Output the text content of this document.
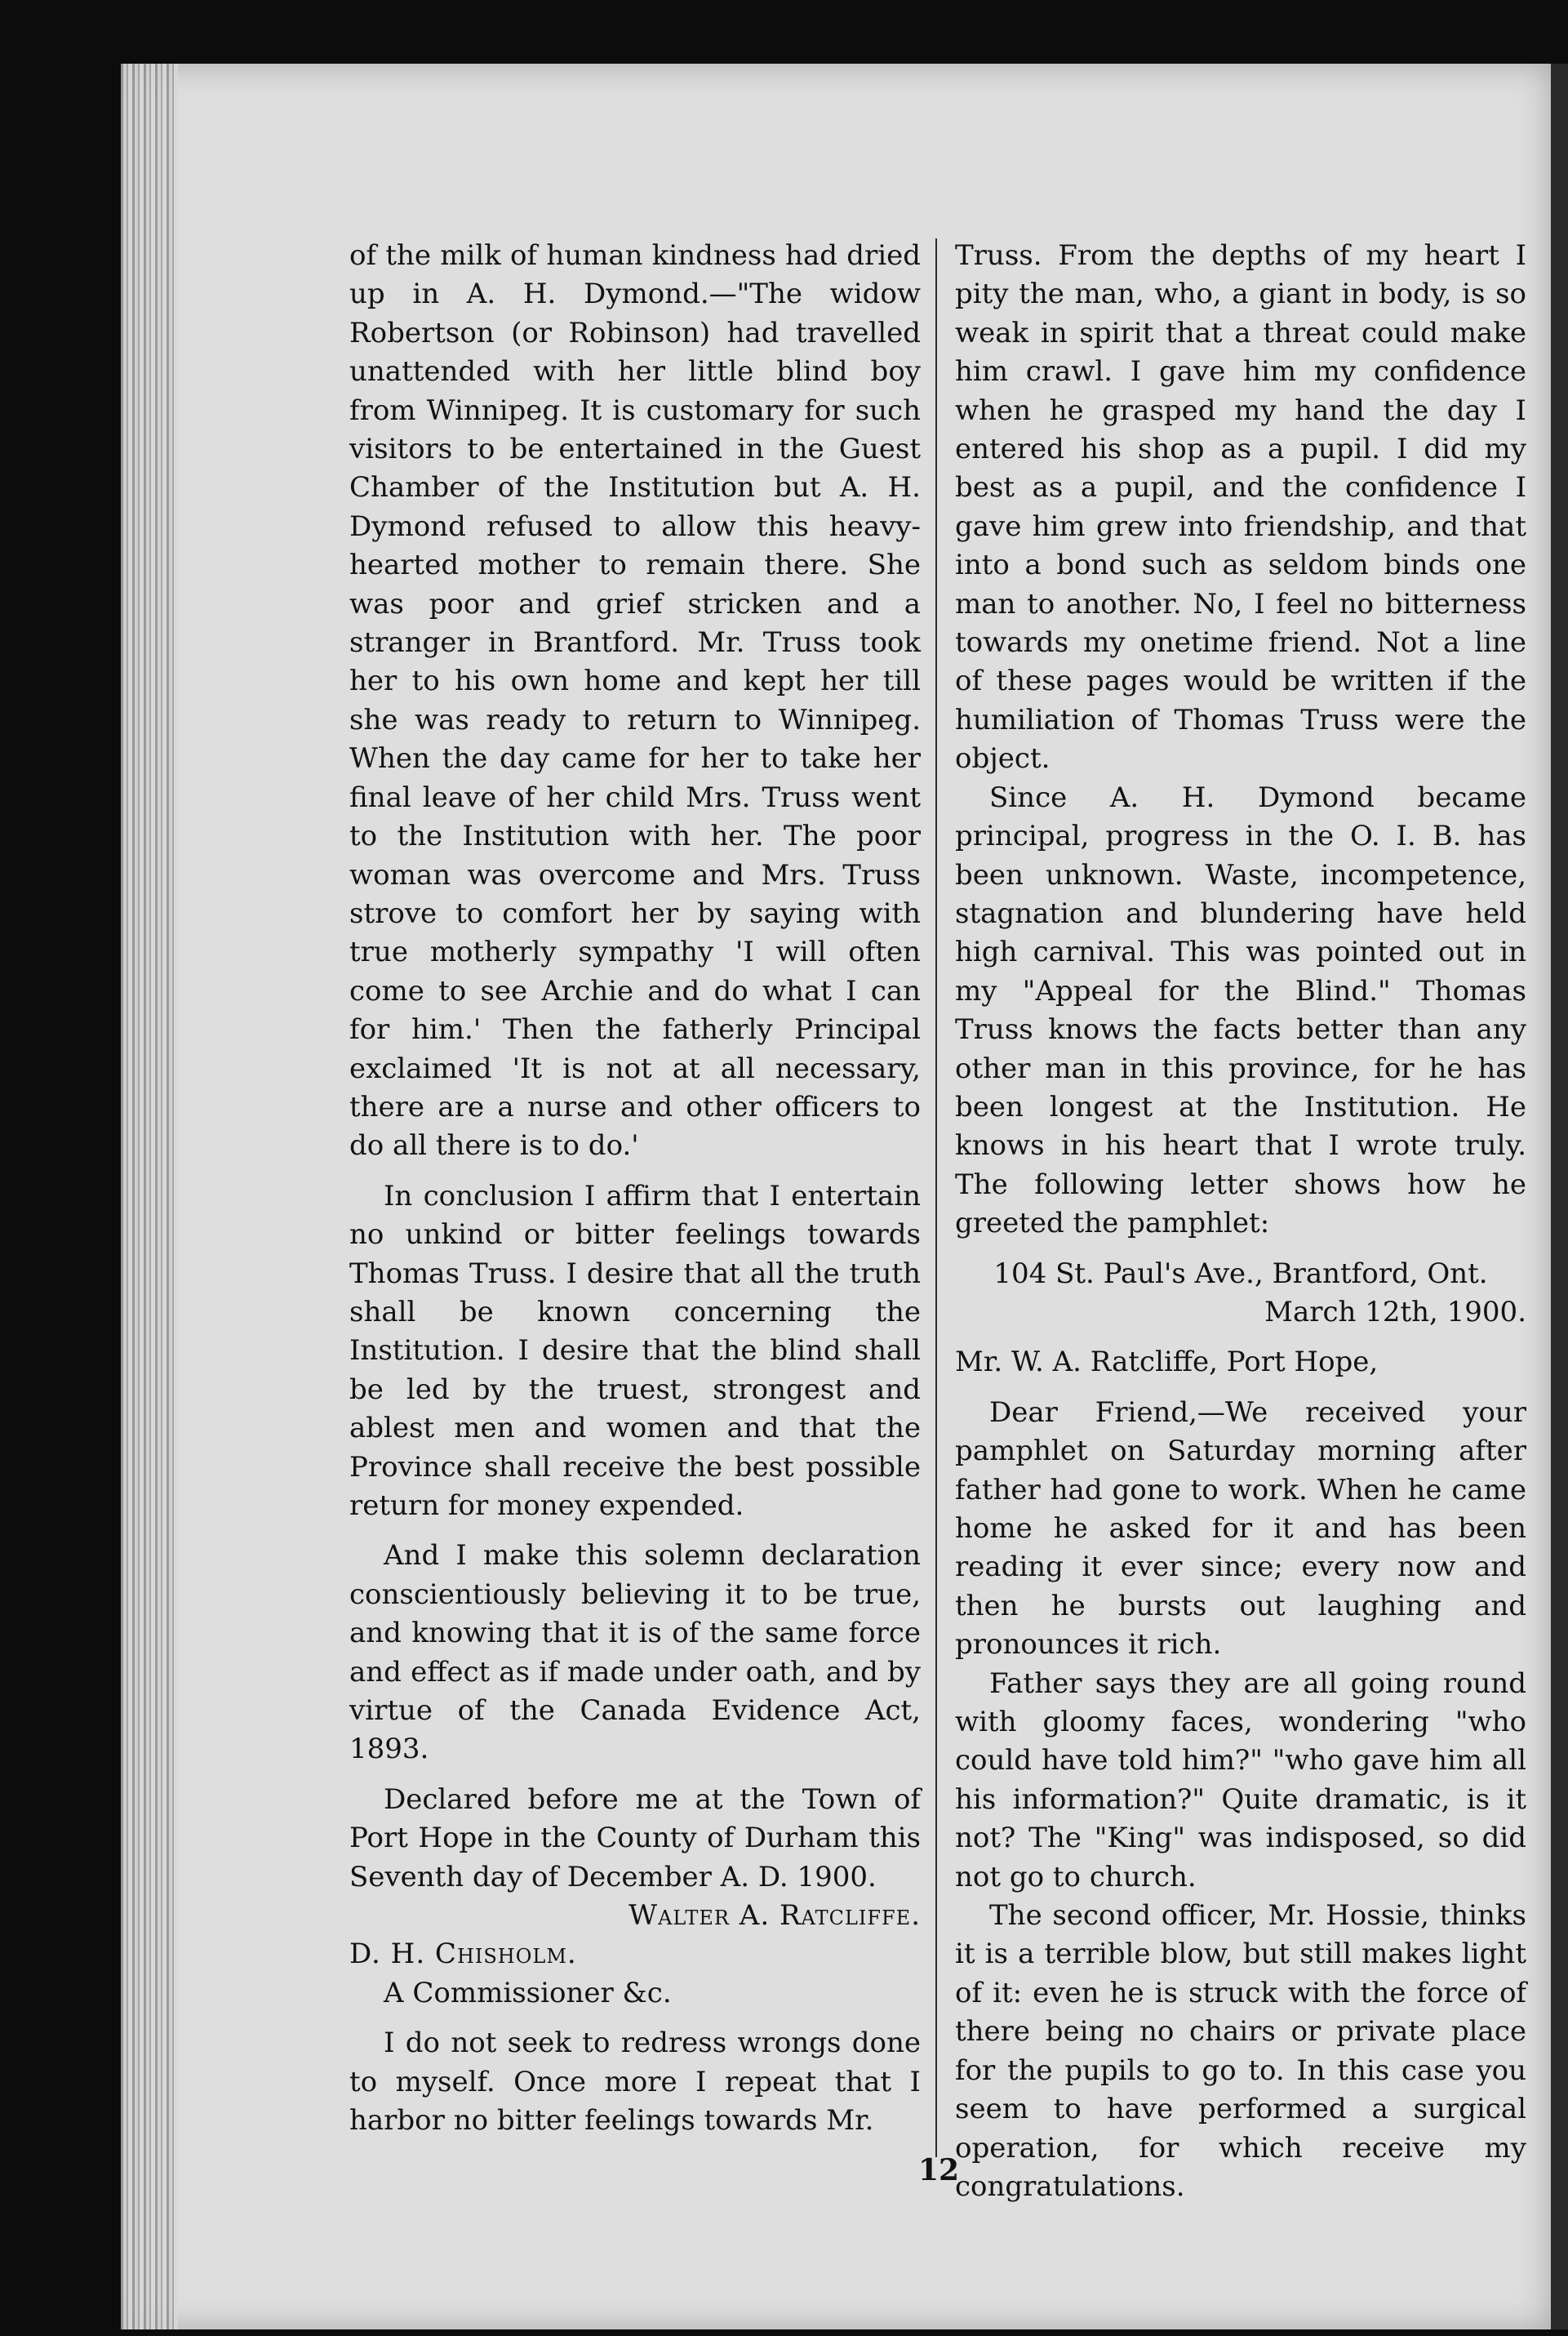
of the milk of human kindness had dried up in A. H. Dymond.—"The widow Robertson (or Robinson) had travelled unattended with her little blind boy from Winnipeg. It is customary for such visitors to be entertained in the Guest Chamber of the Institution but A. H. Dymond refused to allow this heavy-hearted mother to remain there. She was poor and grief stricken and a stranger in Brantford. Mr. Truss took her to his own home and kept her till she was ready to return to Winnipeg. When the day came for her to take her final leave of her child Mrs. Truss went to the Institution with her. The poor woman was overcome and Mrs. Truss strove to comfort her by saying with true motherly sympathy 'I will often come to see Archie and do what I can for him.' Then the fatherly Principal exclaimed 'It is not at all necessary, there are a nurse and other officers to do all there is to do.'

In conclusion I affirm that I entertain no unkind or bitter feelings towards Thomas Truss. I desire that all the truth shall be known concerning the Institution. I desire that the blind shall be led by the truest, strongest and ablest men and women and that the Province shall receive the best possible return for money expended.

And I make this solemn declaration conscientiously believing it to be true, and knowing that it is of the same force and effect as if made under oath, and by virtue of the Canada Evidence Act, 1893.

Declared before me at the Town of Port Hope in the County of Durham this Seventh day of December A. D. 1900.

Walter A. Ratcliffe.

D. H. Chisholm.

A Commissioner &c.

I do not seek to redress wrongs done to myself. Once more I repeat that I harbor no bitter feelings towards Mr.

Truss. From the depths of my heart I pity the man, who, a giant in body, is so weak in spirit that a threat could make him crawl. I gave him my confidence when he grasped my hand the day I entered his shop as a pupil. I did my best as a pupil, and the confidence I gave him grew into friendship, and that into a bond such as seldom binds one man to another. No, I feel no bitterness towards my onetime friend. Not a line of these pages would be written if the humiliation of Thomas Truss were the object.

Since A. H. Dymond became principal, progress in the O. I. B. has been unknown. Waste, incompetence, stagnation and blundering have held high carnival. This was pointed out in my "Appeal for the Blind." Thomas Truss knows the facts better than any other man in this province, for he has been longest at the Institution. He knows in his heart that I wrote truly. The following letter shows how he greeted the pamphlet:

104 St. Paul's Ave., Brantford, Ont.

March 12th, 1900.

Mr. W. A. Ratcliffe, Port Hope,

Dear Friend,—We received your pamphlet on Saturday morning after father had gone to work. When he came home he asked for it and has been reading it ever since; every now and then he bursts out laughing and pronounces it rich.

Father says they are all going round with gloomy faces, wondering "who could have told him?" "who gave him all his information?" Quite dramatic, is it not? The "King" was indisposed, so did not go to church.

The second officer, Mr. Hossie, thinks it is a terrible blow, but still makes light of it: even he is struck with the force of there being no chairs or private place for the pupils to go to. In this case you seem to have performed a surgical operation, for which receive my congratulations.

12
